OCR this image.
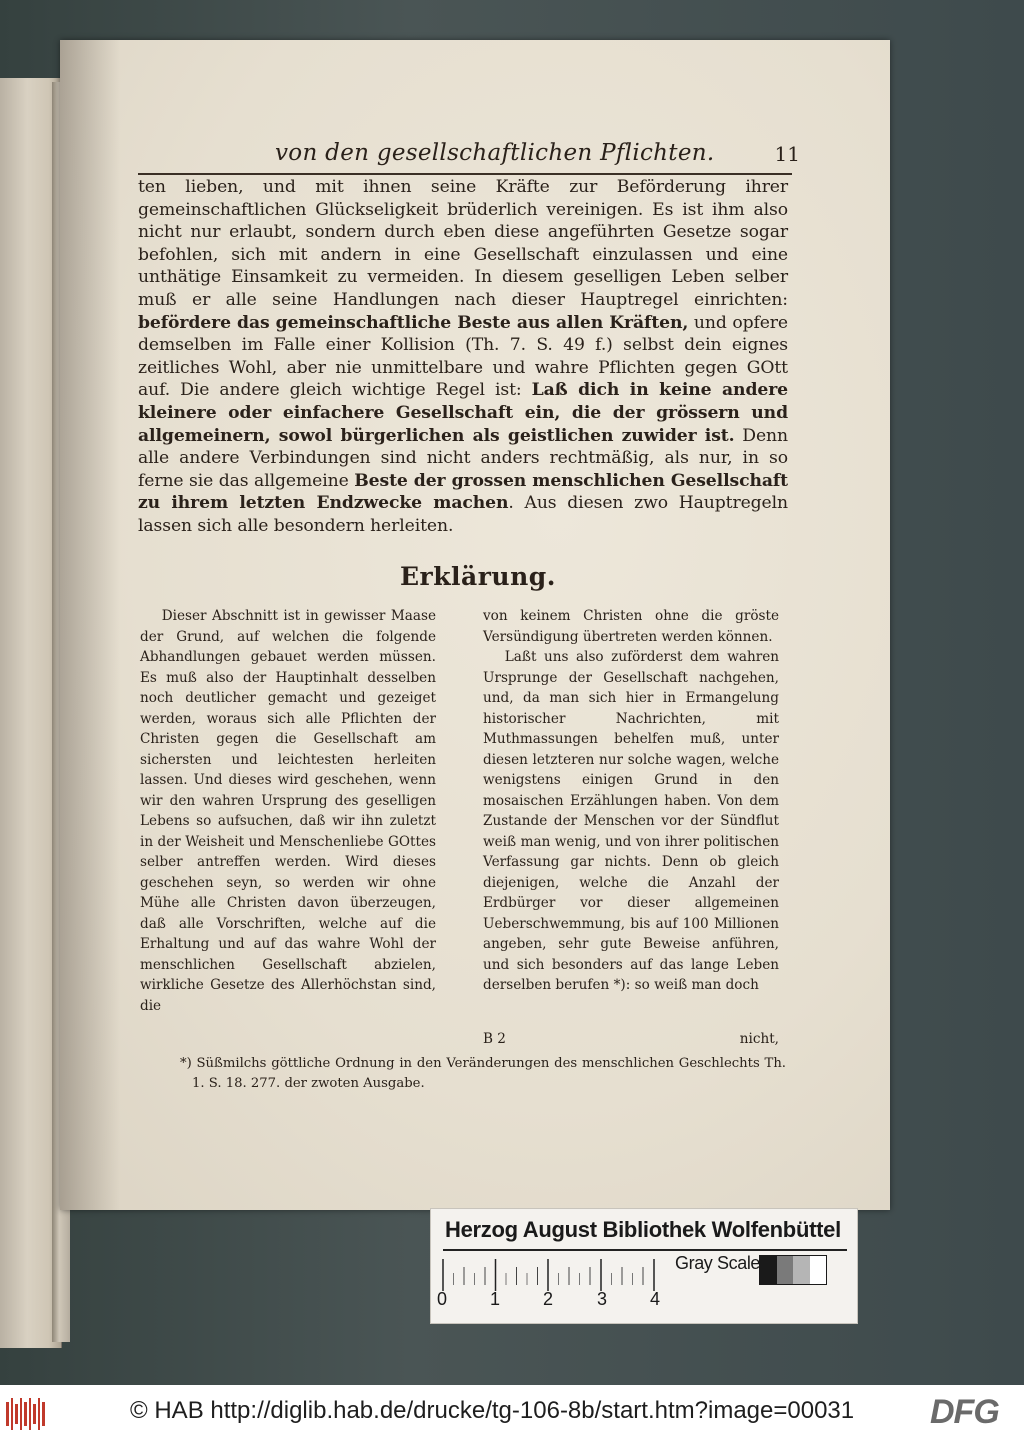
von den gesellschaftlichen Pflichten.	11
ten lieben, und mit ihnen seine Kräfte zur Beförderung ihrer gemeinschaftlichen Glückseligkeit brüderlich vereinigen. Es ist ihm also nicht nur erlaubt, sondern durch eben diese angeführten Gesetze sogar befohlen, sich mit andern in eine Gesellschaft einzulassen und eine unthätige Einsamkeit zu vermeiden. In diesem geselligen Leben selber muß er alle seine Handlungen nach dieser Hauptregel einrichten: befördere das gemeinschaftliche Beste aus allen Kräften, und opfere demselben im Falle einer Kollision (Th. 7. S. 49 f.) selbst dein eignes zeitliches Wohl, aber nie unmittelbare und wahre Pflichten gegen GOtt auf. Die andere gleich wichtige Regel ist: Laß dich in keine andere kleinere oder einfachere Gesellschaft ein, die der grössern und allgemeinern, sowol bürgerlichen als geistlichen zuwider ist. Denn alle andere Verbindungen sind nicht anders rechtmäßig, als nur, in so ferne sie das allgemeine Beste der grossen menschlichen Gesellschaft zu ihrem letzten Endzwecke machen. Aus diesen zwo Hauptregeln lassen sich alle besondern herleiten.
Erklärung.

Dieser Abschnitt ist in gewisser Maase der Grund, auf welchen die folgende Abhandlungen gebauet werden müssen. Es muß also der Hauptinhalt desselben noch deutlicher gemacht und gezeiget werden, woraus sich alle Pflichten der Christen gegen die Gesellschaft am sichersten und leichtesten herleiten lassen. Und dieses wird geschehen, wenn wir den wahren Ursprung des geselligen Lebens so aufsuchen, daß wir ihn zuletzt in der Weisheit und Menschenliebe GOttes selber antreffen werden. Wird dieses geschehen seyn, so werden wir ohne Mühe alle Christen davon überzeugen, daß alle Vorschriften, welche auf die Erhaltung und auf das wahre Wohl der menschlichen Gesellschaft abzielen, wirkliche Gesetze des Allerhöchstan sind, die

von keinem Christen ohne die gröste Versündigung übertreten werden können.

Laßt uns also zuförderst dem wahren Ursprunge der Gesellschaft nachgehen, und, da man sich hier in Ermangelung historischer Nachrichten, mit Muthmassungen behelfen muß, unter diesen letzteren nur solche wagen, welche wenigstens einigen Grund in den mosaischen Erzählungen haben. Von dem Zustande der Menschen vor der Sündflut weiß man wenig, und von ihrer politischen Verfassung gar nichts. Denn ob gleich diejenigen, welche die Anzahl der Erdbürger vor dieser allgemeinen Ueberschwemmung, bis auf 100 Millionen angeben, sehr gute Beweise anführen, und sich besonders auf das lange Leben derselben berufen *): so weiß man doch

B 2	nicht,
*) Süßmilchs göttliche Ordnung in den Veränderungen des menschlichen Geschlechts Th. 1. S. 18. 277. der zwoten Ausgabe.
Herzog August Bibliothek Wolfenbüttel
0 1 2 3 4
Gray Scale
© HAB http://diglib.hab.de/drucke/tg-106-8b/start.htm?image=00031 DFG
